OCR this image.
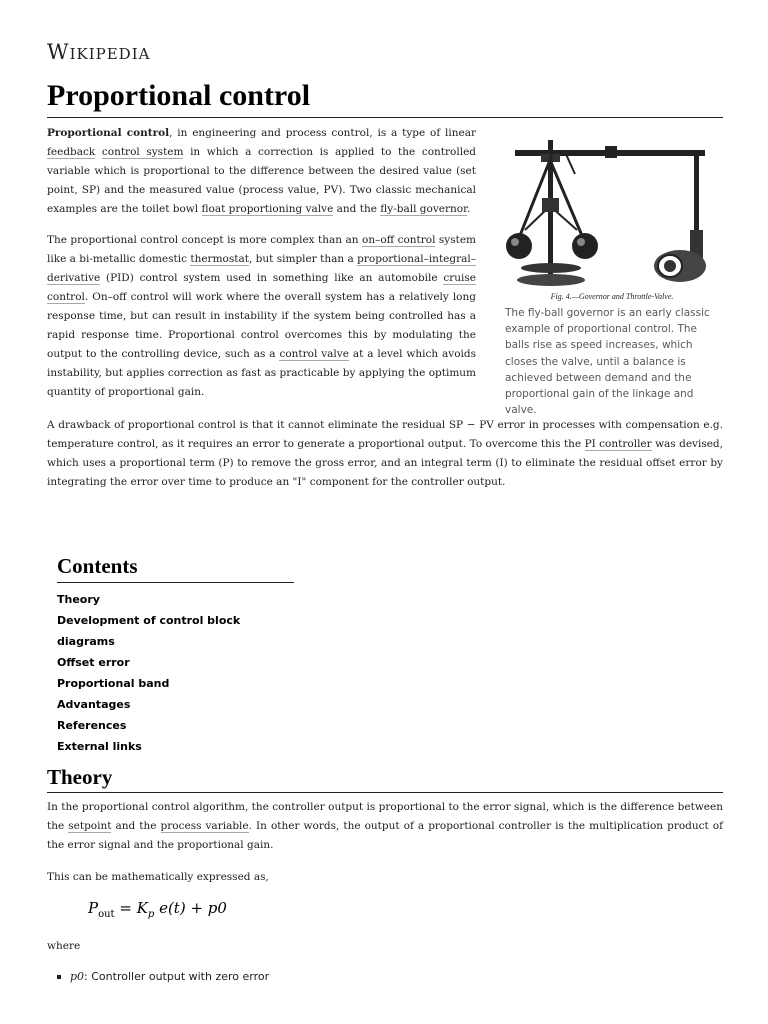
Wikipedia
Proportional control

Proportional control, in engineering and process control, is a type of linear feedback control system in which a correction is applied to the controlled variable which is proportional to the difference between the desired value (set point, SP) and the measured value (process value, PV). Two classic mechanical examples are the toilet bowl float proportioning valve and the fly-ball governor.

The proportional control concept is more complex than an on–off control system like a bi-metallic domestic thermostat, but simpler than a proportional–integral–derivative (PID) control system used in something like an automobile cruise control. On–off control will work where the overall system has a relatively long response time, but can result in instability if the system being controlled has a rapid response time. Proportional control overcomes this by modulating the output to the controlling device, such as a control valve at a level which avoids instability, but applies correction as fast as practicable by applying the optimum quantity of proportional gain.

Fig. 4.—Governor and Throttle-Valve.

The fly-ball governor is an early classic example of proportional control. The balls rise as speed increases, which closes the valve, until a balance is achieved between demand and the proportional gain of the linkage and valve.

A drawback of proportional control is that it cannot eliminate the residual SP − PV error in processes with compensation e.g. temperature control, as it requires an error to generate a proportional output. To overcome this the PI controller was devised, which uses a proportional term (P) to remove the gross error, and an integral term (I) to eliminate the residual offset error by integrating the error over time to produce an "I" component for the controller output.

Contents
Theory
Development of control block diagrams
Offset error
Proportional band
Advantages
References
External links
Theory

In the proportional control algorithm, the controller output is proportional to the error signal, which is the difference between the setpoint and the process variable. In other words, the output of a proportional controller is the multiplication product of the error signal and the proportional gain.

This can be mathematically expressed as,

$P_{out} = K_p$ e(t) + p0

where

p0: Controller output with zero error
